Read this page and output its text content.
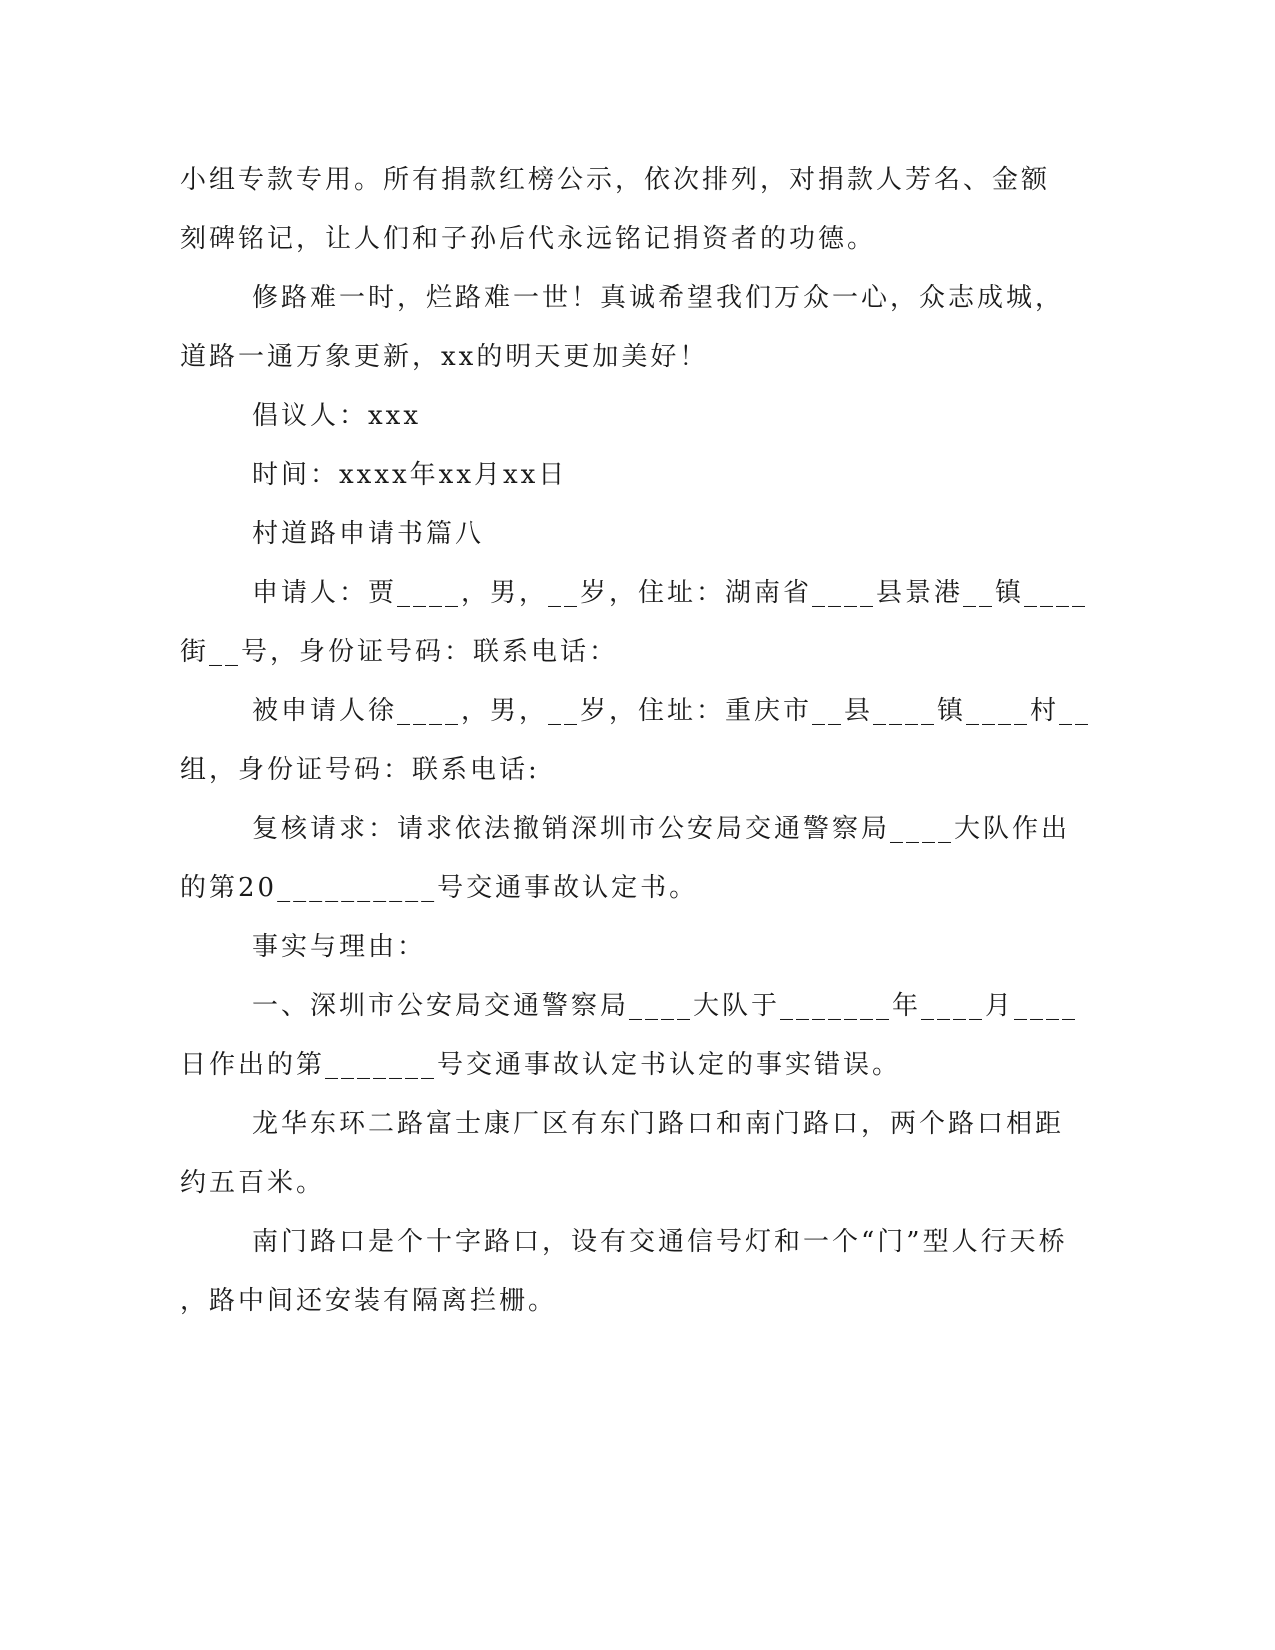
小组专款专用。所有捐款红榜公示，依次排列，对捐款人芳名、金额
刻碑铭记，让人们和子孙后代永远铭记捐资者的功德。
修路难一时，烂路难一世！真诚希望我们万众一心，众志成城，
道路一通万象更新，xx的明天更加美好！
倡议人：xxx
时间：xxxx年xx月xx日
村道路申请书篇八
申请人：贾____，男，__岁，住址：湖南省____县景港__镇____
街__号，身份证号码：联系电话：
被申请人徐____，男，__岁，住址：重庆市__县____镇____村__
组，身份证号码：联系电话:
复核请求：请求依法撤销深圳市公安局交通警察局____大队作出
的第20__________号交通事故认定书。
事实与理由：
一、深圳市公安局交通警察局____大队于_______年____月____
日作出的第_______号交通事故认定书认定的事实错误。
龙华东环二路富士康厂区有东门路口和南门路口，两个路口相距
约五百米。
南门路口是个十字路口，设有交通信号灯和一个“门”型人行天桥
，路中间还安装有隔离拦栅。
